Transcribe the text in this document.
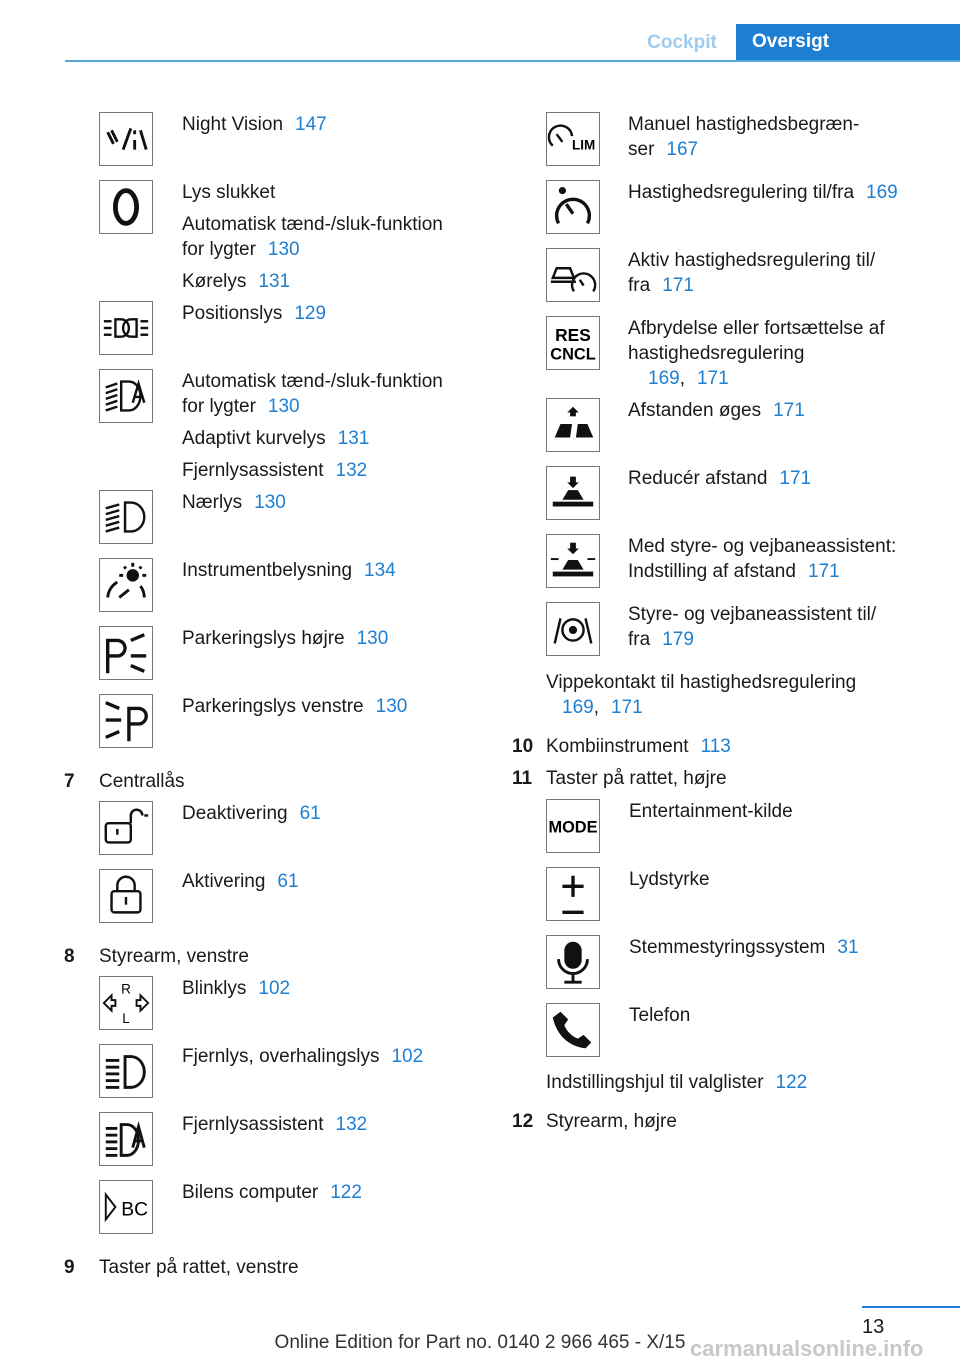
Cockpit	Oversigt
Night Vision 147
Lys slukket
Automatisk tænd-/sluk-funktion
for lygter 130
Kørelys 131
Positionslys 129
Automatisk tænd-/sluk-funktion
for lygter 130
Adaptivt kurvelys 131
Fjernlysassistent 132
Nærlys 130
Instrumentbelysning 134
Parkeringslys højre 130
Parkeringslys venstre 130
7 Centrallås
Deaktivering 61
Aktivering 61
8 Styrearm, venstre
R
L
Blinklys 102
Fjernlys, overhalingslys 102
Fjernlysassistent 132
BC
Bilens computer 122
9 Taster på rattet, venstre
LIM
Manuel hastighedsbegræn-
ser 167
Hastighedsregulering til/fra 169
Aktiv hastighedsregulering til/
fra 171
RES
CNCL
Afbrydelse eller fortsættelse af
hastighedsregulering
169, 171
Afstanden øges 171
Reducér afstand 171
Med styre- og vejbaneassistent:
Indstilling af afstand 171
Styre- og vejbaneassistent til/
fra 179
Vippekontakt til hastighedsregulering
169, 171
10 Kombiinstrument 113
11 Taster på rattet, højre
MODE
Entertainment-kilde
Lydstyrke
Stemmestyringssystem 31
Telefon
Indstillingshjul til valglister 122
12 Styrearm, højre
13
Online Edition for Part no. 0140 2 966 465 - X/15 carmanualsonline.info
